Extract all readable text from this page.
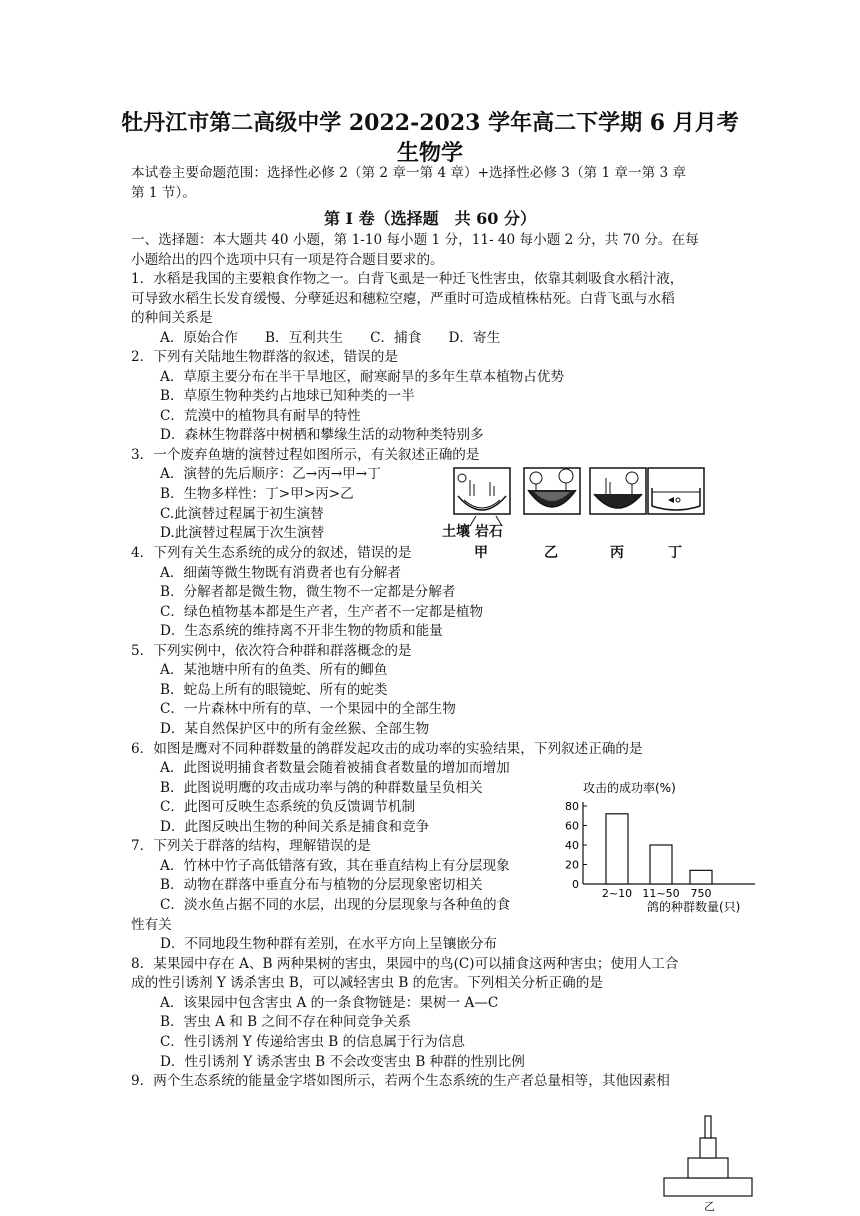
牡丹江市第二高级中学 2022-2023 学年高二下学期 6 月月考
生物学
本试卷主要命题范围：选择性必修 2（第 2 章一第 4 章）+选择性必修 3（第 1 章一第 3 章
第 1 节）。
第 I 卷（选择题　共 60 分）
一、选择题：本大题共 40 小题，第 1-10 每小题 1 分，11- 40 每小题 2 分，共 70 分。在每
小题给出的四个选项中只有一项是符合题目要求的。
1．水稻是我国的主要粮食作物之一。白背飞虱是一种迁飞性害虫，依靠其刺吸食水稻汁液，
可导致水稻生长发育缓慢、分孽延迟和穗粒空瘪，严重时可造成植株枯死。白背飞虱与水稻
的种间关系是
A．原始合作　　B．互利共生　　C．捕食　　D．寄生
2．下列有关陆地生物群落的叙述，错误的是
A．草原主要分布在半干旱地区，耐寒耐旱的多年生草本植物占优势
B．草原生物种类约占地球已知种类的一半
C．荒漠中的植物具有耐旱的特性
D．森林生物群落中树栖和攀缘生活的动物种类特别多
3．一个废弃鱼塘的演替过程如图所示，有关叙述正确的是
A．演替的先后顺序：乙→丙→甲→丁
B．生物多样性：丁>甲>丙>乙
C.此演替过程属于初生演替
D.此演替过程属于次生演替	土壤 岩石
甲	乙	丙	丁
4．下列有关生态系统的成分的叙述，错误的是
A．细菌等微生物既有消费者也有分解者
B．分解者都是微生物，微生物不一定都是分解者
C．绿色植物基本都是生产者，生产者不一定都是植物
D．生态系统的维持离不开非生物的物质和能量
5．下列实例中，依次符合种群和群落概念的是
A．某池塘中所有的鱼类、所有的鲫鱼
B．蛇岛上所有的眼镜蛇、所有的蛇类
C．一片森林中所有的草、一个果园中的全部生物
D．某自然保护区中的所有金丝猴、全部生物
6．如图是鹰对不同种群数量的鸽群发起攻击的成功率的实验结果，下列叙述正确的是
A．此图说明捕食者数量会随着被捕食者数量的增加而增加
B．此图说明鹰的攻击成功率与鸽的种群数量呈负相关
C．此图可反映生态系统的负反馈调节机制
D．此图反映出生物的种间关系是捕食和竞争
攻击的成功率(%)
鸽的种群数量(只)
0
20
40
60
80
2~10 11~50 750
7．下列关于群落的结构，理解错误的是
A．竹林中竹子高低错落有致，其在垂直结构上有分层现象
B．动物在群落中垂直分布与植物的分层现象密切相关
C．淡水鱼占据不同的水层，出现的分层现象与各种鱼的食
性有关
D．不同地段生物种群有差别，在水平方向上呈镶嵌分布
8．某果园中存在 A、B 两种果树的害虫，果园中的鸟(C)可以捕食这两种害虫；使用人工合
成的性引诱剂 Y 诱杀害虫 B，可以减轻害虫 B 的危害。下列相关分析正确的是
A．该果园中包含害虫 A 的一条食物链是：果树一 A—C
B．害虫 A 和 B 之间不存在种间竞争关系
C．性引诱剂 Y 传递给害虫 B 的信息属于行为信息
D．性引诱剂 Y 诱杀害虫 B 不会改变害虫 B 种群的性别比例
9．两个生态系统的能量金字塔如图所示，若两个生态系统的生产者总量相等，其他因素相
乙
